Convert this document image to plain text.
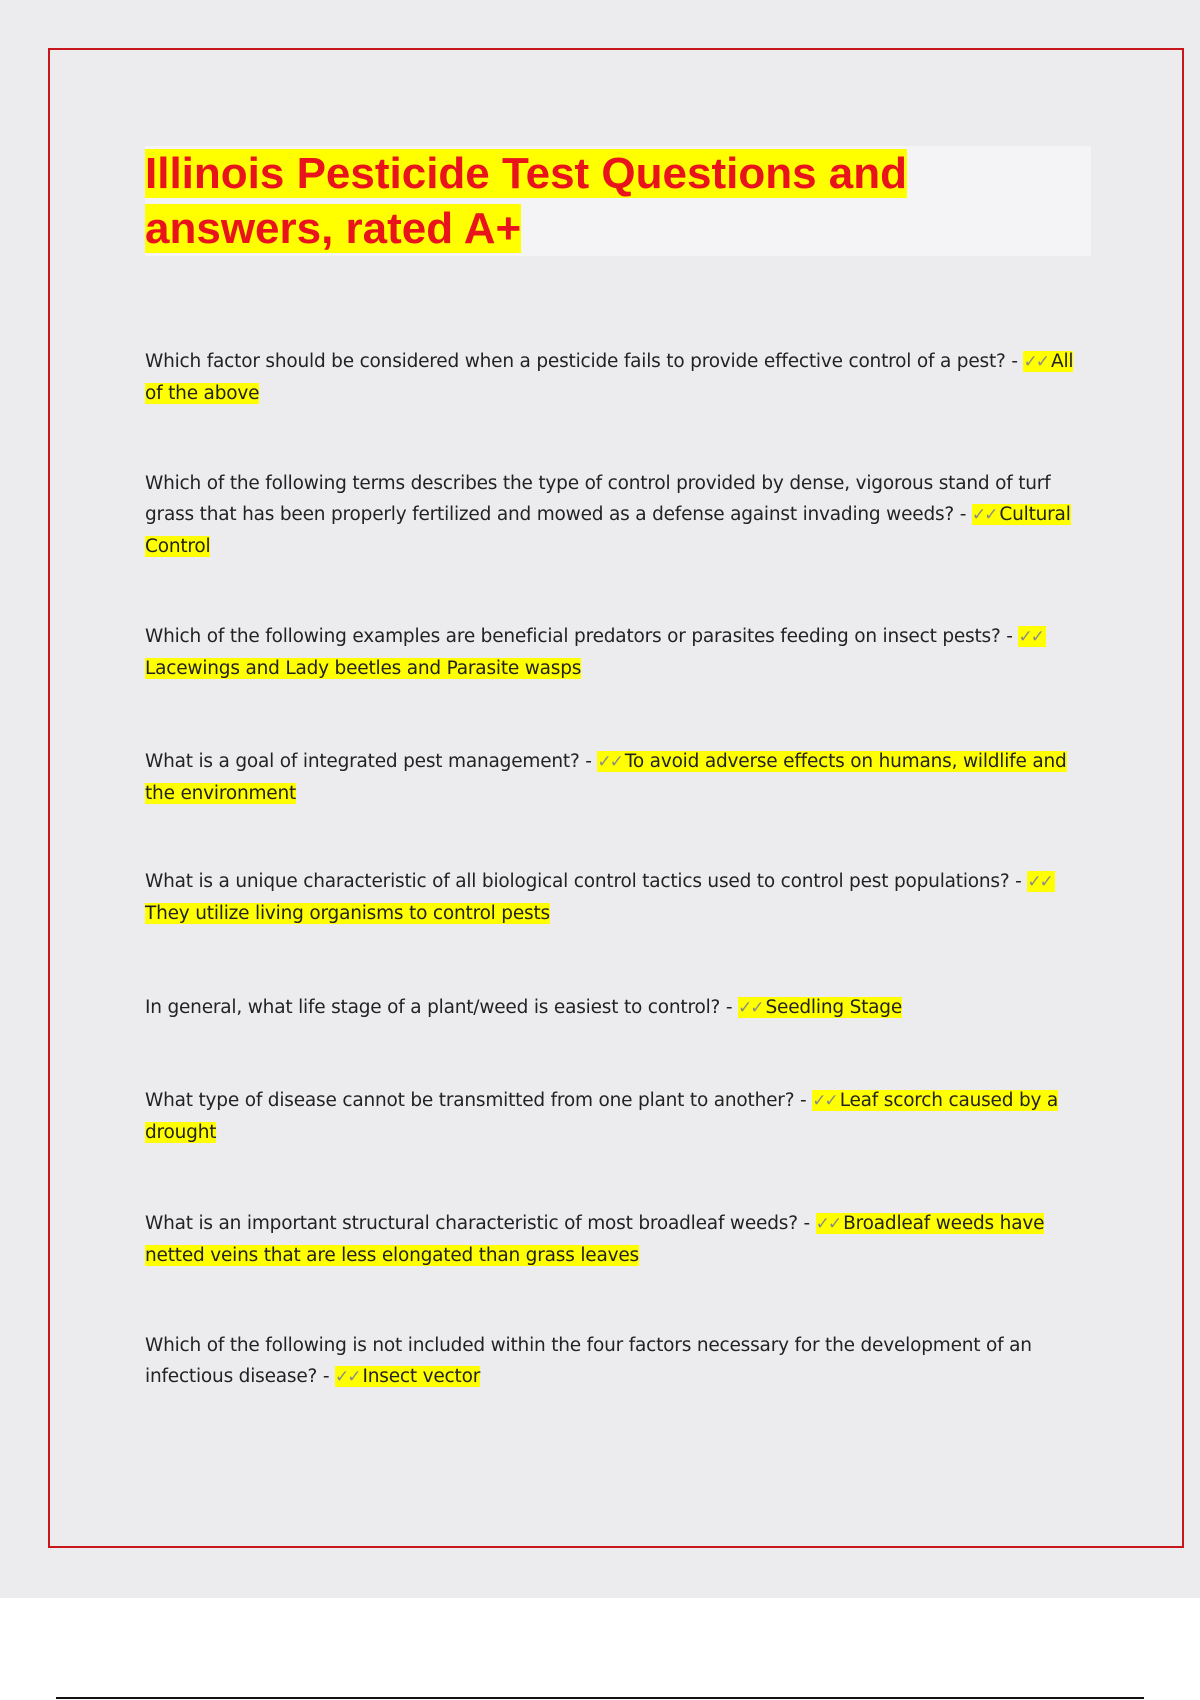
Illinois Pesticide Test Questions and answers, rated A+

Which factor should be considered when a pesticide fails to provide effective control of a pest? - ✓✓ All of the above

Which of the following terms describes the type of control provided by dense, vigorous stand of turf grass that has been properly fertilized and mowed as a defense against invading weeds? - ✓✓ Cultural Control

Which of the following examples are beneficial predators or parasites feeding on insect pests? - ✓✓Lacewings and Lady beetles and Parasite wasps

What is a goal of integrated pest management? - ✓✓ To avoid adverse effects on humans, wildlife and the environment

What is a unique characteristic of all biological control tactics used to control pest populations? - ✓✓They utilize living organisms to control pests

In general, what life stage of a plant/weed is easiest to control? - ✓✓ Seedling Stage

What type of disease cannot be transmitted from one plant to another? - ✓✓ Leaf scorch caused by a drought

What is an important structural characteristic of most broadleaf weeds? - ✓✓ Broadleaf weeds have netted veins that are less elongated than grass leaves

Which of the following is not included within the four factors necessary for the development of an infectious disease? - ✓✓ Insect vector
